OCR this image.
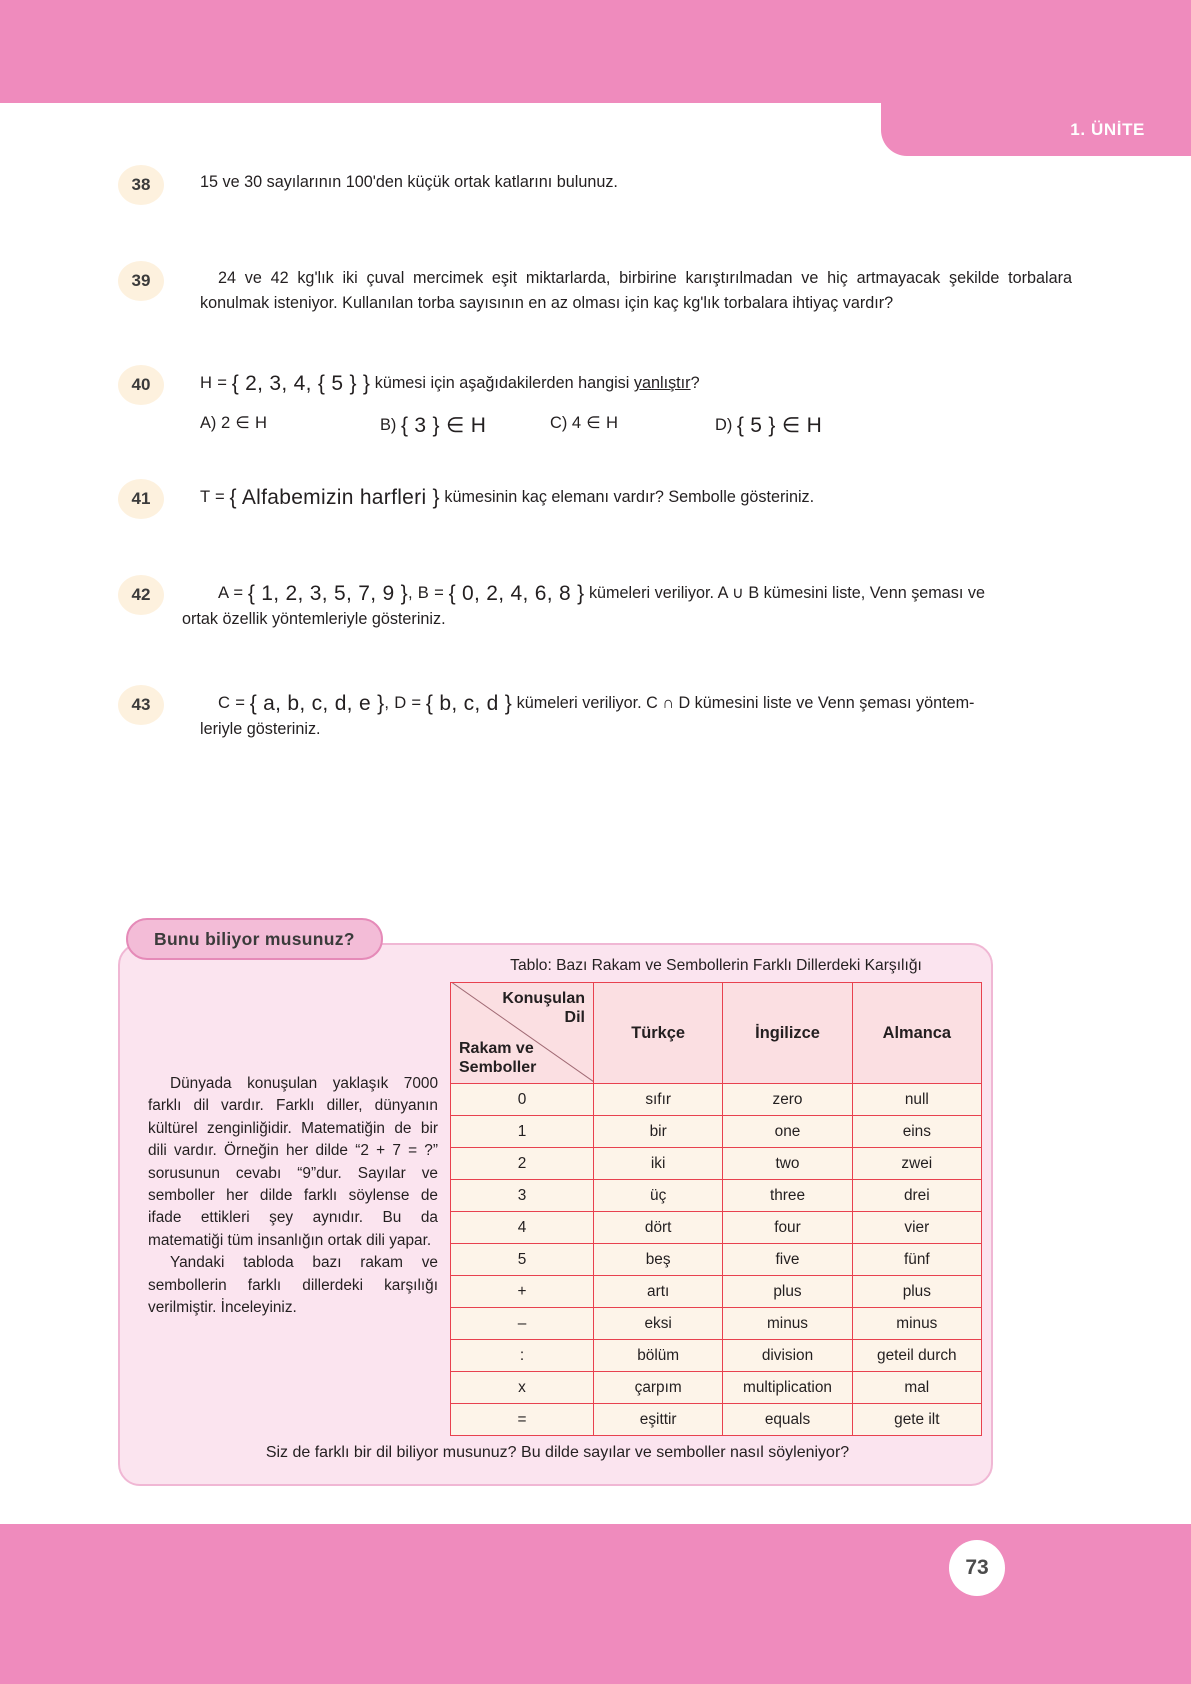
1. ÜNİTE
73
38	15 ve 30 sayılarının 100'den küçük ortak katlarını bulunuz.
39	24 ve 42 kg'lık iki çuval mercimek eşit miktarlarda, birbirine karıştırılmadan ve hiç artmayacak şekilde torbalara konulmak isteniyor. Kullanılan torba sayısının en az olması için kaç kg'lık torbalara ihtiyaç vardır?
40	H = { 2, 3, 4, { 5 } } kümesi için aşağıdakilerden hangisi yanlıştır?
A) 2 ∈ H	B) { 3 } ∈ H	C) 4 ∈ H	D) { 5 } ∈ H
41	T = { Alfabemizin harfleri } kümesinin kaç elemanı vardır? Sembolle gösteriniz.
42	A = { 1, 2, 3, 5, 7, 9 }, B = { 0, 2, 4, 6, 8 } kümeleri veriliyor. A ∪ B kümesini liste, Venn şeması ve
ortak özellik yöntemleriyle gösteriniz.
43	C = { a, b, c, d, e }, D = { b, c, d } kümeleri veriliyor. C ∩ D kümesini liste ve Venn şeması yöntem-
leriyle gösteriniz.
Bunu biliyor musunuz?

Dünyada konuşulan yaklaşık 7000 farklı dil vardır. Farklı diller, dünyanın kültürel zenginliğidir. Matematiğin de bir dili vardır. Örneğin her dilde “2 + 7 = ?” sorusunun cevabı “9”dur. Sayılar ve semboller her dilde farklı söylense de ifade ettikleri şey aynıdır. Bu da matematiği tüm insanlığın ortak dili yapar.

Yandaki tabloda bazı rakam ve sembollerin farklı dillerdeki karşılığı verilmiştir. İnceleyiniz.

Tablo: Bazı Rakam ve Sembollerin Farklı Dillerdeki Karşılığı
Konuşulan
Dil
Rakam ve
Semboller	Türkçe	İngilizce	Almanca
0	sıfır	zero	null
1	bir	one	eins
2	iki	two	zwei
3	üç	three	drei
4	dört	four	vier
5	beş	five	fünf
+	artı	plus	plus
–	eksi	minus	minus
:	bölüm	division	geteil durch
x	çarpım	multiplication	mal
=	eşittir	equals	gete ilt
Siz de farklı bir dil biliyor musunuz? Bu dilde sayılar ve semboller nasıl söyleniyor?
